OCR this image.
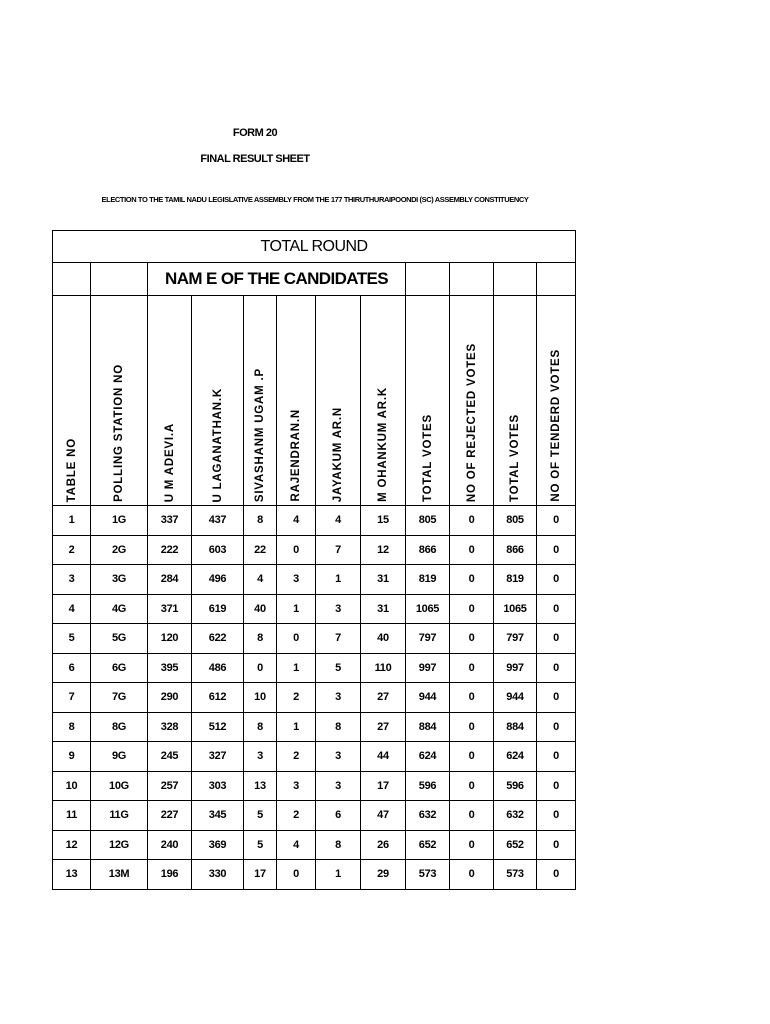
FORM 20
FINAL RESULT SHEET
ELECTION TO THE TAMIL NADU LEGISLATIVE ASSEMBLY FROM THE 177 THIRUTHURAIPOONDI (SC) ASSEMBLY CONSTITUENCY
TOTAL ROUND											
		NAM E OF THE CANDIDATES									
TABLE NO	POLLING STATION NO	U M ADEVI.A	U LAGANATHAN.K	SIVASHANM UGAM .P	RAJENDRAN.N	JAYAKUM AR.N	M OHANKUM AR.K	TOTAL VOTES	NO OF REJECTED VOTES	TOTAL VOTES	NO OF TENDERD VOTES
1	1G	337	437	8	4	4	15	805	0	805	0
2	2G	222	603	22	0	7	12	866	0	866	0
3	3G	284	496	4	3	1	31	819	0	819	0
4	4G	371	619	40	1	3	31	1065	0	1065	0
5	5G	120	622	8	0	7	40	797	0	797	0
6	6G	395	486	0	1	5	110	997	0	997	0
7	7G	290	612	10	2	3	27	944	0	944	0
8	8G	328	512	8	1	8	27	884	0	884	0
9	9G	245	327	3	2	3	44	624	0	624	0
10	10G	257	303	13	3	3	17	596	0	596	0
11	11G	227	345	5	2	6	47	632	0	632	0
12	12G	240	369	5	4	8	26	652	0	652	0
13	13M	196	330	17	0	1	29	573	0	573	0
